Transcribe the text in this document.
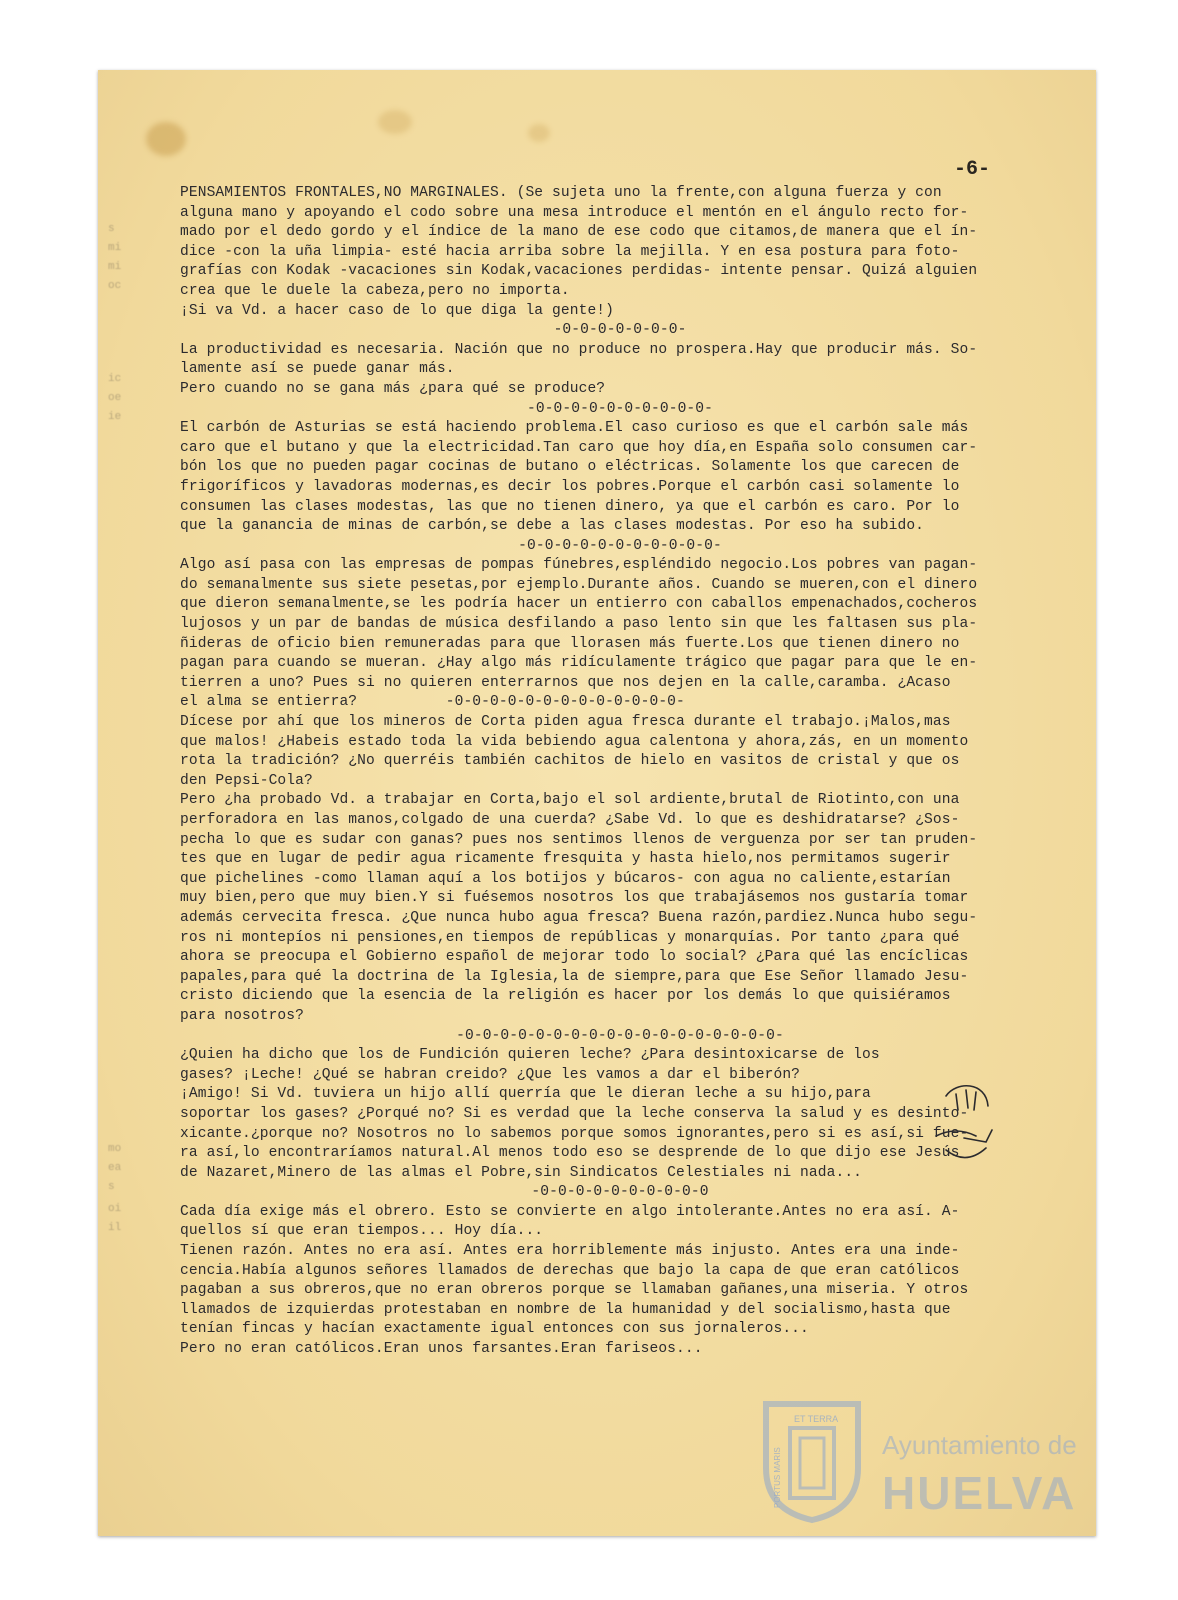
s
mi
mi
oc
ic
oe
ie
mo
ea
s
oi
il
-6-
PENSAMIENTOS FRONTALES,NO MARGINALES. (Se sujeta uno la frente,con alguna fuerza y con
alguna mano y apoyando el codo sobre una mesa introduce el mentón en el ángulo recto for-
mado por el dedo gordo y el índice de la mano de ese codo que citamos,de manera que el ín-
dice -con la uña limpia- esté hacia arriba sobre la mejilla. Y en esa postura para foto-
grafías con Kodak -vacaciones sin Kodak,vacaciones perdidas- intente pensar. Quizá alguien
crea que le duele la cabeza,pero no importa.
¡Si va Vd. a hacer caso de lo que diga la gente!)
-0-0-0-0-0-0-0-
La productividad es necesaria. Nación que no produce no prospera.Hay que producir más. So-
lamente así se puede ganar más.
Pero cuando no se gana más ¿para qué se produce?
-0-0-0-0-0-0-0-0-0-0-
El carbón de Asturias se está haciendo problema.El caso curioso es que el carbón sale más
caro que el butano y que la electricidad.Tan caro que hoy día,en España solo consumen car-
bón los que no pueden pagar cocinas de butano o eléctricas. Solamente los que carecen de
frigoríficos y lavadoras modernas,es decir los pobres.Porque el carbón casi solamente lo
consumen las clases modestas, las que no tienen dinero, ya que el carbón es caro. Por lo
que la ganancia de minas de carbón,se debe a las clases modestas. Por eso ha subido.
-0-0-0-0-0-0-0-0-0-0-0-
Algo así pasa con las empresas de pompas fúnebres,espléndido negocio.Los pobres van pagan-
do semanalmente sus siete pesetas,por ejemplo.Durante años. Cuando se mueren,con el dinero
que dieron semanalmente,se les podría hacer un entierro con caballos empenachados,cocheros
lujosos y un par de bandas de música desfilando a paso lento sin que les faltasen sus pla-
ñideras de oficio bien remuneradas para que llorasen más fuerte.Los que tienen dinero no
pagan para cuando se mueran. ¿Hay algo más ridículamente trágico que pagar para que le en-
tierren a uno? Pues si no quieren enterrarnos que nos dejen en la calle,caramba. ¿Acaso
el alma se entierra?          -0-0-0-0-0-0-0-0-0-0-0-0-0-
Dícese por ahí que los mineros de Corta piden agua fresca durante el trabajo.¡Malos,mas
que malos! ¿Habeis estado toda la vida bebiendo agua calentona y ahora,zás, en un momento
rota la tradición? ¿No querréis también cachitos de hielo en vasitos de cristal y que os
den Pepsi-Cola?
Pero ¿ha probado Vd. a trabajar en Corta,bajo el sol ardiente,brutal de Riotinto,con una
perforadora en las manos,colgado de una cuerda? ¿Sabe Vd. lo que es deshidratarse? ¿Sos-
pecha lo que es sudar con ganas? pues nos sentimos llenos de verguenza por ser tan pruden-
tes que en lugar de pedir agua ricamente fresquita y hasta hielo,nos permitamos sugerir
que pichelines -como llaman aquí a los botijos y búcaros- con agua no caliente,estarían
muy bien,pero que muy bien.Y si fuésemos nosotros los que trabajásemos nos gustaría tomar
además cervecita fresca. ¿Que nunca hubo agua fresca? Buena razón,pardiez.Nunca hubo segu-
ros ni montepíos ni pensiones,en tiempos de repúblicas y monarquías. Por tanto ¿para qué
ahora se preocupa el Gobierno español de mejorar todo lo social? ¿Para qué las encíclicas
papales,para qué la doctrina de la Iglesia,la de siempre,para que Ese Señor llamado Jesu-
cristo diciendo que la esencia de la religión es hacer por los demás lo que quisiéramos
para nosotros?
-0-0-0-0-0-0-0-0-0-0-0-0-0-0-0-0-0-0-
¿Quien ha dicho que los de Fundición quieren leche? ¿Para desintoxicarse de los
gases? ¡Leche! ¿Qué se habran creido? ¿Que les vamos a dar el biberón?
¡Amigo! Si Vd. tuviera un hijo allí querría que le dieran leche a su hijo,para
soportar los gases? ¿Porqué no? Si es verdad que la leche conserva la salud y es desinto-
xicante.¿porque no? Nosotros no lo sabemos porque somos ignorantes,pero si es así,si fue-
ra así,lo encontraríamos natural.Al menos todo eso se desprende de lo que dijo ese Jesús
de Nazaret,Minero de las almas el Pobre,sin Sindicatos Celestiales ni nada...
-0-0-0-0-0-0-0-0-0-0
Cada día exige más el obrero. Esto se convierte en algo intolerante.Antes no era así. A-
quellos sí que eran tiempos... Hoy día...
Tienen razón. Antes no era así. Antes era horriblemente más injusto. Antes era una inde-
cencia.Había algunos señores llamados de derechas que bajo la capa de que eran católicos
pagaban a sus obreros,que no eran obreros porque se llamaban gañanes,una miseria. Y otros
llamados de izquierdas protestaban en nombre de la humanidad y del socialismo,hasta que
tenían fincas y hacían exactamente igual entonces con sus jornaleros...
Pero no eran católicos.Eran unos farsantes.Eran fariseos...
ET TERRA
PORTUS MARIS
Ayuntamiento de
HUELVA
